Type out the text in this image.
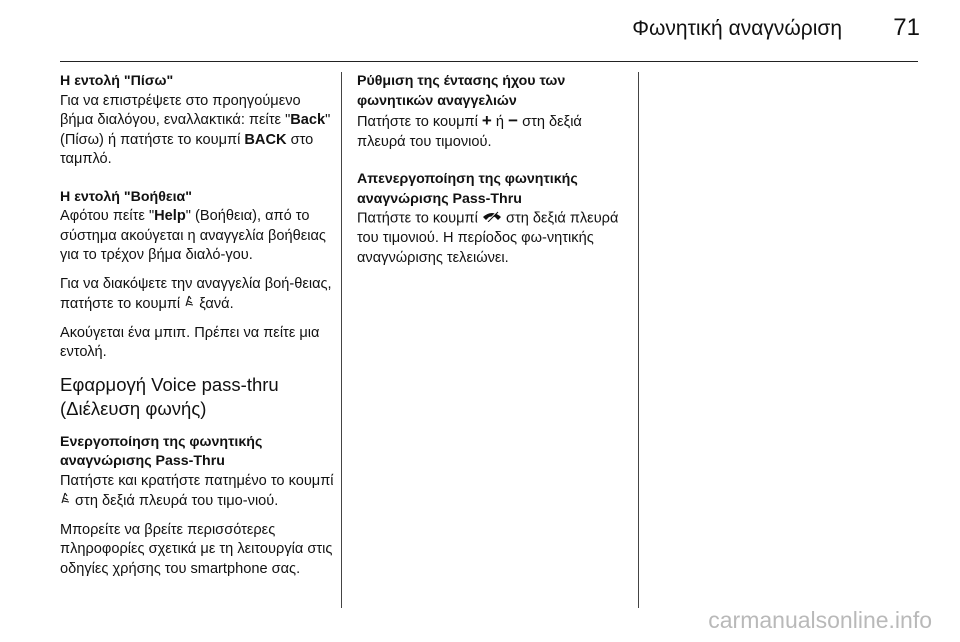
Φωνητική αναγνώριση 71
Η εντολή "Πίσω"

Για να επιστρέψετε στο προηγούμενο βήμα διαλόγου, εναλλακτικά: πείτε "Back" (Πίσω) ή πατήστε το κουμπί BACK στο ταμπλό.

Η εντολή "Βοήθεια"

Αφότου πείτε "Help" (Βοήθεια), από το σύστημα ακούγεται η αναγγελία βοήθειας για το τρέχον βήμα διαλό-γου.

Για να διακόψετε την αναγγελία βοή-θειας, πατήστε το κουμπί  ξανά.

Ακούγεται ένα μπιπ. Πρέπει να πείτε μια εντολή.

Εφαρμογή Voice pass-thru (Διέλευση φωνής)
Ενεργοποίηση της φωνητικής αναγνώρισης Pass-Thru

Πατήστε και κρατήστε πατημένο το κουμπί  στη δεξιά πλευρά του τιμο-νιού.

Μπορείτε να βρείτε περισσότερες πληροφορίες σχετικά με τη λειτουργία στις οδηγίες χρήσης του smartphone σας.

Ρύθμιση της έντασης ήχου των φωνητικών αναγγελιών

Πατήστε το κουμπί + ή − στη δεξιά πλευρά του τιμονιού.

Απενεργοποίηση της φωνητικής αναγνώρισης Pass-Thru

Πατήστε το κουμπί  στη δεξιά πλευρά του τιμονιού. Η περίοδος φω-νητικής αναγνώρισης τελειώνει.

carmanualsonline.info
